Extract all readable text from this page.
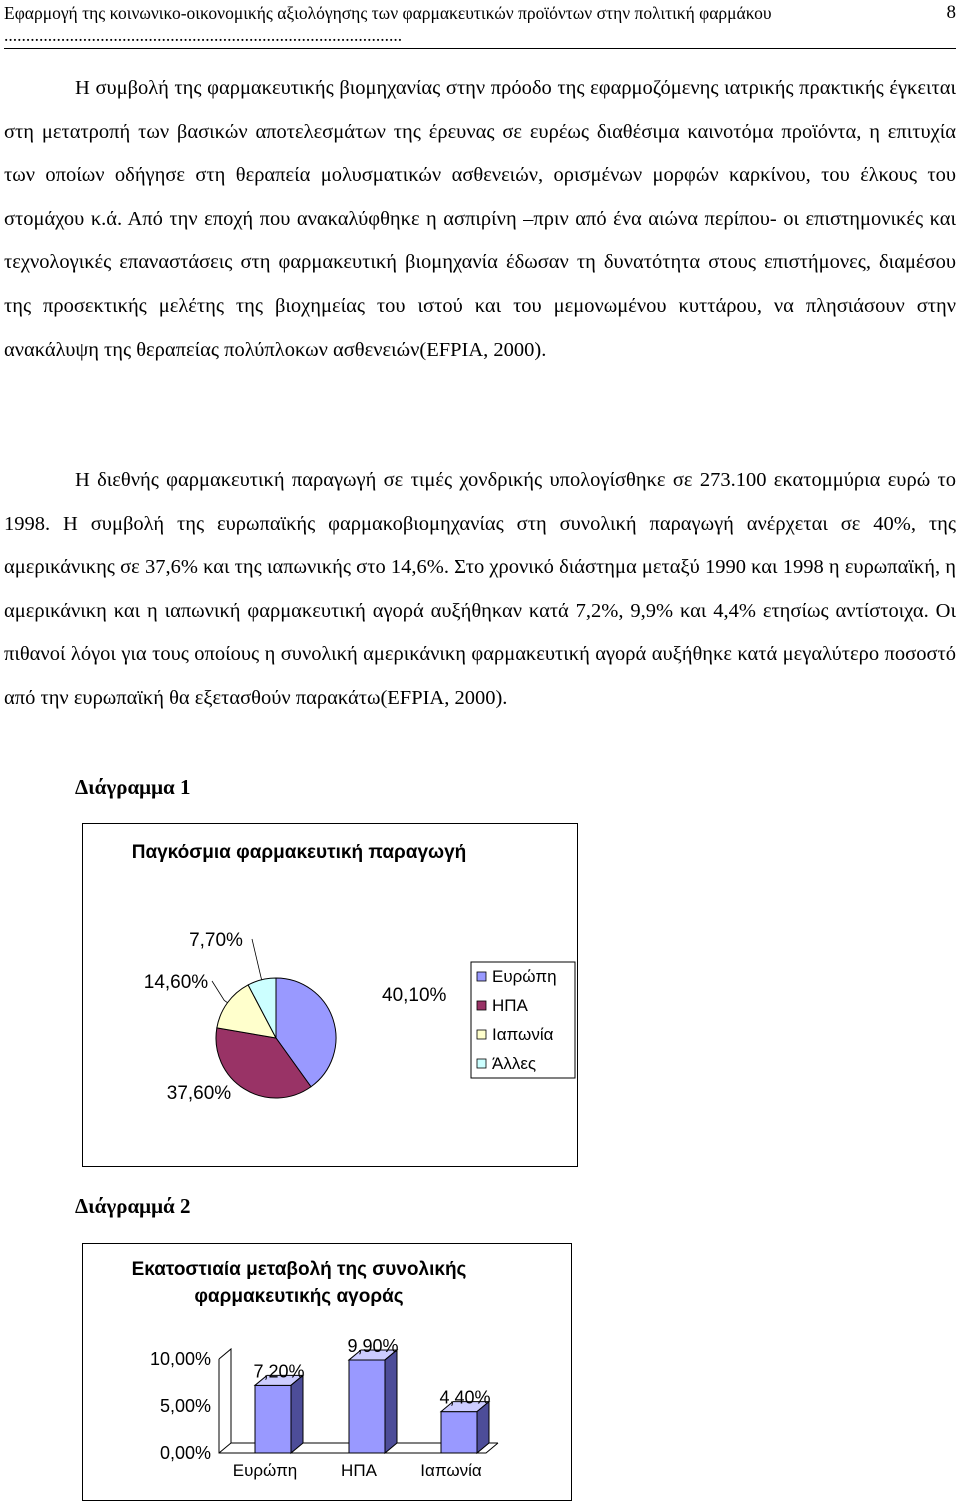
Εφαρμογή της κοινωνικο-οικονομικής αξιολόγησης των φαρμακευτικών προϊόντων στην πολιτική φαρμάκου ...........................................................................................
8

Η συμβολή της φαρμακευτικής βιομηχανίας στην πρόοδο της εφαρμοζόμενης ιατρικής πρακτικής έγκειται στη μετατροπή των βασικών αποτελεσμάτων της έρευνας σε ευρέως διαθέσιμα καινοτόμα προϊόντα, η επιτυχία των οποίων οδήγησε στη θεραπεία μολυσματικών ασθενειών, ορισμένων μορφών καρκίνου, του έλκους του στομάχου κ.ά. Από την εποχή που ανακαλύφθηκε η ασπιρίνη –πριν από ένα αιώνα περίπου- οι επιστημονικές και τεχνολογικές επαναστάσεις στη φαρμακευτική βιομηχανία έδωσαν τη δυνατότητα στους επιστήμονες, διαμέσου της προσεκτικής μελέτης της βιοχημείας του ιστού και του μεμονωμένου κυττάρου, να πλησιάσουν στην ανακάλυψη της θεραπείας πολύπλοκων ασθενειών(EFPIA, 2000).

Η διεθνής φαρμακευτική παραγωγή σε τιμές χονδρικής υπολογίσθηκε σε 273.100 εκατομμύρια ευρώ το 1998. Η συμβολή της ευρωπαϊκής φαρμακοβιομηχανίας στη συνολική παραγωγή ανέρχεται σε 40%, της αμερικάνικης σε 37,6% και της ιαπωνικής στο 14,6%. Στο χρονικό διάστημα μεταξύ 1990 και 1998 η ευρωπαϊκή, η αμερικάνικη και η ιαπωνική φαρμακευτική αγορά αυξήθηκαν κατά 7,2%, 9,9% και 4,4% ετησίως αντίστοιχα. Οι πιθανοί λόγοι για τους οποίους η συνολική αμερικάνικη φαρμακευτική αγορά αυξήθηκε κατά μεγαλύτερο ποσοστό από την ευρωπαϊκή θα εξετασθούν παρακάτω(EFPIA, 2000).

Διάγραμμα 1
Παγκόσμια φαρμακευτική παραγωγή
40,10%
37,60%
14,60%
7,70%
Ευρώπη
ΗΠΑ
Ιαπωνία
Άλλες
Διάγραμμά 2
Εκατοστιαία μεταβολή της συνολικής
φαρμακευτικής αγοράς
0,00%
5,00%
10,00%
7,20%
Ευρώπη
9,90%
ΗΠΑ
4,40%
Ιαπωνία
